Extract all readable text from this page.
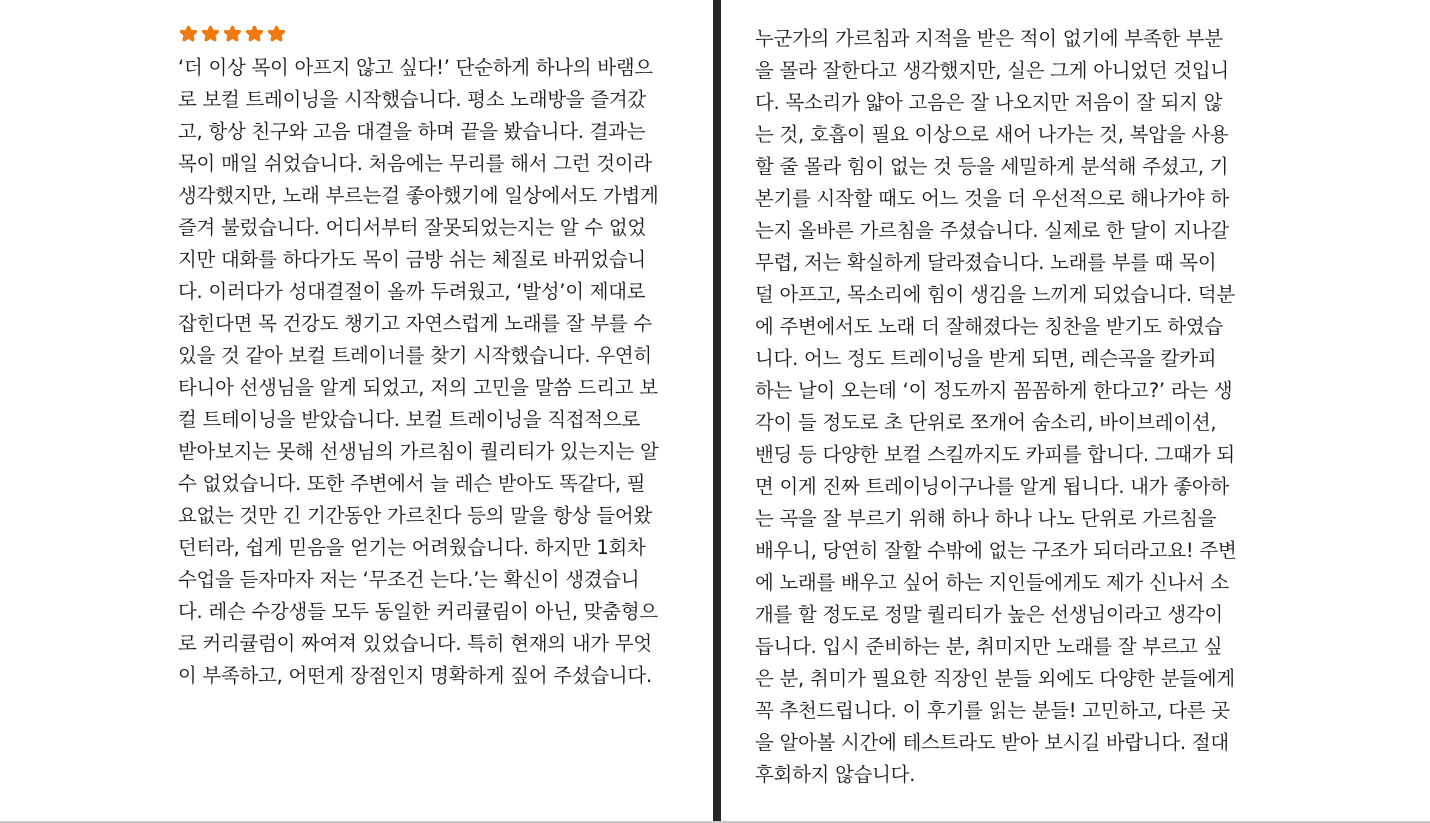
‘더 이상 목이 아프지 않고 싶다!’ 단순하게 하나의 바램으
로 보컬 트레이닝을 시작했습니다. 평소 노래방을 즐겨갔
고, 항상 친구와 고음 대결을 하며 끝을 봤습니다. 결과는
목이 매일 쉬었습니다. 처음에는 무리를 해서 그런 것이라
생각했지만, 노래 부르는걸 좋아했기에 일상에서도 가볍게
즐겨 불렀습니다. 어디서부터 잘못되었는지는 알 수 없었
지만 대화를 하다가도 목이 금방 쉬는 체질로 바뀌었습니
다. 이러다가 성대결절이 올까 두려웠고, ‘발성’이 제대로
잡힌다면 목 건강도 챙기고 자연스럽게 노래를 잘 부를 수
있을 것 같아 보컬 트레이너를 찾기 시작했습니다. 우연히
타니아 선생님을 알게 되었고, 저의 고민을 말씀 드리고 보
컬 트테이닝을 받았습니다. 보컬 트레이닝을 직접적으로
받아보지는 못해 선생님의 가르침이 퀄리티가 있는지는 알
수 없었습니다. 또한 주변에서 늘 레슨 받아도 똑같다, 필
요없는 것만 긴 기간동안 가르친다 등의 말을 항상 들어왔
던터라, 쉽게 믿음을 얻기는 어려웠습니다. 하지만 1회차
수업을 듣자마자 저는 ‘무조건 는다.’는 확신이 생겼습니
다. 레슨 수강생들 모두 동일한 커리큘림이 아닌, 맞춤형으
로 커리큘럼이 짜여져 있었습니다. 특히 현재의 내가 무엇
이 부족하고, 어떤게 장점인지 명확하게 짚어 주셨습니다.
누군가의 가르침과 지적을 받은 적이 없기에 부족한 부분
을 몰라 잘한다고 생각했지만, 실은 그게 아니었던 것입니
다. 목소리가 얇아 고음은 잘 나오지만 저음이 잘 되지 않
는 것, 호흡이 필요 이상으로 새어 나가는 것, 복압을 사용
할 줄 몰라 힘이 없는 것 등을 세밀하게 분석해 주셨고, 기
본기를 시작할 때도 어느 것을 더 우선적으로 해나가야 하
는지 올바른 가르침을 주셨습니다. 실제로 한 달이 지나갈
무렵, 저는 확실하게 달라졌습니다. 노래를 부를 때 목이
덜 아프고, 목소리에 힘이 생김을 느끼게 되었습니다. 덕분
에 주변에서도 노래 더 잘해졌다는 칭찬을 받기도 하였습
니다. 어느 정도 트레이닝을 받게 되면, 레슨곡을 칼카피
하는 날이 오는데 ‘이 정도까지 꼼꼼하게 한다고?’ 라는 생
각이 들 정도로 초 단위로 쪼개어 숨소리, 바이브레이션,
밴딩 등 다양한 보컬 스킬까지도 카피를 합니다. 그때가 되
면 이게 진짜 트레이닝이구나를 알게 됩니다. 내가 좋아하
는 곡을 잘 부르기 위해 하나 하나 나노 단위로 가르침을
배우니, 당연히 잘할 수밖에 없는 구조가 되더라고요! 주변
에 노래를 배우고 싶어 하는 지인들에게도 제가 신나서 소
개를 할 정도로 정말 퀄리티가 높은 선생님이라고 생각이
듭니다. 입시 준비하는 분, 취미지만 노래를 잘 부르고 싶
은 분, 취미가 필요한 직장인 분들 외에도 다양한 분들에게
꼭 추천드립니다. 이 후기를 읽는 분들! 고민하고, 다른 곳
을 알아볼 시간에 테스트라도 받아 보시길 바랍니다. 절대
후회하지 않습니다.
